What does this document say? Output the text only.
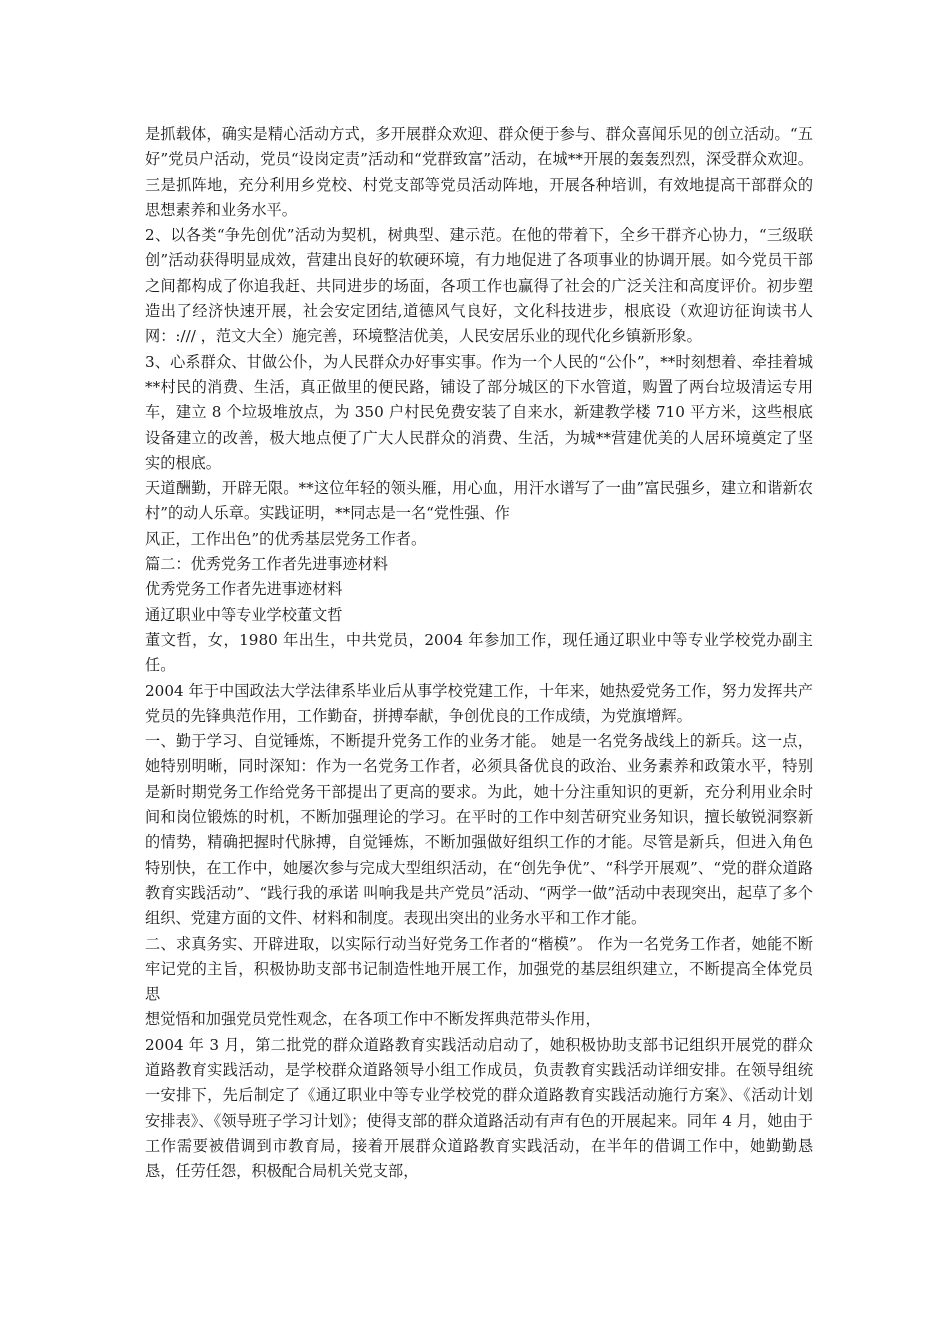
是抓载体，确实是精心活动方式，多开展群众欢迎、群众便于参与、群众喜闻乐见的创立活动。“五好”党员户活动，党员“设岗定责”活动和“党群致富”活动，在城**开展的轰轰烈烈，深受群众欢迎。三是抓阵地，充分利用乡党校、村党支部等党员活动阵地，开展各种培训，有效地提高干部群众的思想素养和业务水平。

2、以各类“争先创优”活动为契机，树典型、建示范。在他的带着下，全乡干群齐心协力，“三级联创”活动获得明显成效，营建出良好的软硬环境，有力地促进了各项事业的协调开展。如今党员干部之间都构成了你追我赶、共同进步的场面，各项工作也赢得了社会的广泛关注和高度评价。初步塑造出了经济快速开展，社会安定团结,道德风气良好，文化科技进步，根底设（欢迎访征询读书人网：:/// ，范文大全）施完善，环境整洁优美，人民安居乐业的现代化乡镇新形象。

3、心系群众、甘做公仆，为人民群众办好事实事。作为一个人民的“公仆”，**时刻想着、牵挂着城**村民的消费、生活，真正做里的便民路，铺设了部分城区的下水管道，购置了两台垃圾清运专用车，建立 8 个垃圾堆放点，为 350 户村民免费安装了自来水，新建教学楼 710 平方米，这些根底设备建立的改善，极大地点便了广大人民群众的消费、生活，为城**营建优美的人居环境奠定了坚实的根底。

天道酬勤，开辟无限。**这位年轻的领头雁，用心血，用汗水谱写了一曲”富民强乡，建立和谐新农村”的动人乐章。实践证明，**同志是一名“党性强、作

风正，工作出色”的优秀基层党务工作者。

篇二：优秀党务工作者先进事迹材料

优秀党务工作者先进事迹材料

通辽职业中等专业学校董文哲

董文哲，女，1980 年出生，中共党员，2004 年参加工作，现任通辽职业中等专业学校党办副主任。

2004 年于中国政法大学法律系毕业后从事学校党建工作，十年来，她热爱党务工作，努力发挥共产党员的先锋典范作用，工作勤奋，拼搏奉献，争创优良的工作成绩，为党旗增辉。

一、勤于学习、自觉锤炼，不断提升党务工作的业务才能。 她是一名党务战线上的新兵。这一点，她特别明晰，同时深知：作为一名党务工作者，必须具备优良的政治、业务素养和政策水平，特别是新时期党务工作给党务干部提出了更高的要求。为此，她十分注重知识的更新，充分利用业余时间和岗位锻炼的时机，不断加强理论的学习。在平时的工作中刻苦研究业务知识，擅长敏锐洞察新的情势，精确把握时代脉搏，自觉锤炼，不断加强做好组织工作的才能。尽管是新兵，但进入角色特别快，在工作中，她屡次参与完成大型组织活动，在“创先争优”、“科学开展观”、“党的群众道路教育实践活动”、“践行我的承诺 叫响我是共产党员”活动、“两学一做”活动中表现突出，起草了多个组织、党建方面的文件、材料和制度。表现出突出的业务水平和工作才能。

二、求真务实、开辟进取，以实际行动当好党务工作者的“楷模”。 作为一名党务工作者，她能不断牢记党的主旨，积极协助支部书记制造性地开展工作，加强党的基层组织建立，不断提高全体党员思

想觉悟和加强党员党性观念，在各项工作中不断发挥典范带头作用，

2004 年 3 月，第二批党的群众道路教育实践活动启动了，她积极协助支部书记组织开展党的群众道路教育实践活动，是学校群众道路领导小组工作成员，负责教育实践活动详细安排。在领导组统一安排下，先后制定了《通辽职业中等专业学校党的群众道路教育实践活动施行方案》、《活动计划安排表》、《领导班子学习计划》；使得支部的群众道路活动有声有色的开展起来。同年 4 月，她由于工作需要被借调到市教育局，接着开展群众道路教育实践活动，在半年的借调工作中，她勤勤恳恳，任劳任怨，积极配合局机关党支部，
